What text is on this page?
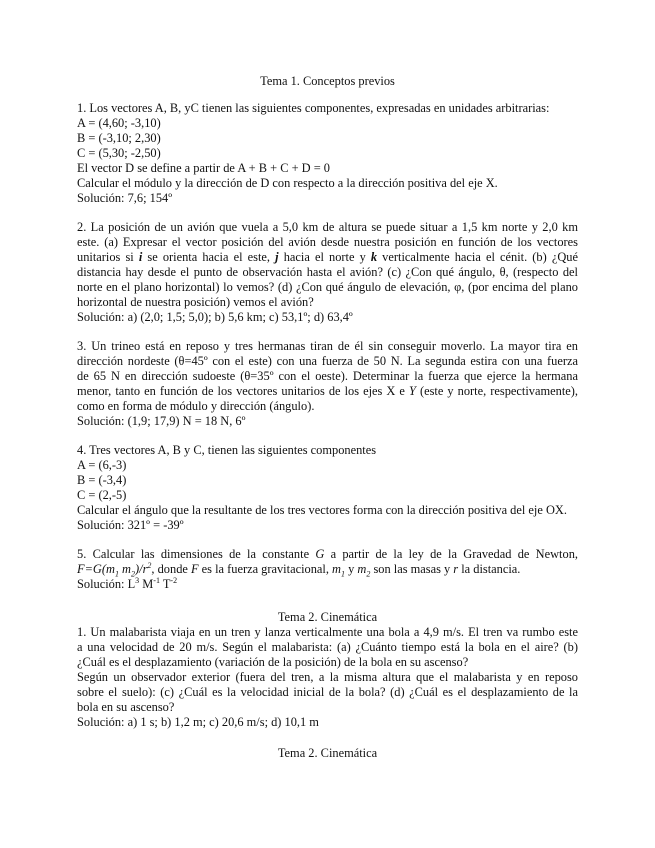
Tema 1. Conceptos previos
1. Los vectores A, B, yC tienen las siguientes componentes, expresadas en unidades arbitrarias:
A = (4,60; -3,10)
B = (-3,10; 2,30)
C = (5,30; -2,50)
El vector D se define a partir de A + B + C + D = 0
Calcular el módulo y la dirección de D con respecto a la dirección positiva del eje X.
Solución: 7,6; 154º
2. La posición de un avión que vuela a 5,0 km de altura se puede situar a 1,5 km norte y 2,0 km
este. (a) Expresar el vector posición del avión desde nuestra posición en función de los vectores
unitarios si i se orienta hacia el este, j hacia el norte y k verticalmente hacia el cénit. (b) ¿Qué
distancia hay desde el punto de observación hasta el avión? (c) ¿Con qué ángulo, θ, (respecto del
norte en el plano horizontal) lo vemos? (d) ¿Con qué ángulo de elevación, φ, (por encima del plano
horizontal de nuestra posición) vemos el avión?
Solución: a) (2,0; 1,5; 5,0); b) 5,6 km; c) 53,1º; d) 63,4º
3. Un trineo está en reposo y tres hermanas tiran de él sin conseguir moverlo. La mayor tira en
dirección nordeste (θ=45º con el este) con una fuerza de 50 N. La segunda estira con una fuerza
de 65 N en dirección sudoeste (θ=35º con el oeste). Determinar la fuerza que ejerce la hermana
menor, tanto en función de los vectores unitarios de los ejes X e Y (este y norte, respectivamente),
como en forma de módulo y dirección (ángulo).
Solución: (1,9; 17,9) N = 18 N, 6º
4. Tres vectores A, B y C, tienen las siguientes componentes
A = (6,-3)
B = (-3,4)
C = (2,-5)
Calcular el ángulo que la resultante de los tres vectores forma con la dirección positiva del eje OX.
Solución: 321º = -39º
5. Calcular las dimensiones de la constante G a partir de la ley de la Gravedad de Newton,
$F=G(m_1$ $m_2)/r^2$, donde F es la fuerza gravitacional, $m_1$ y $m_2$ son las masas y r la distancia.
Solución: $L^3$ $M^{-1}$ $T^{-2}$
Tema 2. Cinemática
1. Un malabarista viaja en un tren y lanza verticalmente una bola a 4,9 m/s. El tren va rumbo este
a una velocidad de 20 m/s. Según el malabarista: (a) ¿Cuánto tiempo está la bola en el aire? (b)
¿Cuál es el desplazamiento (variación de la posición) de la bola en su ascenso?
Según un observador exterior (fuera del tren, a la misma altura que el malabarista y en reposo
sobre el suelo): (c) ¿Cuál es la velocidad inicial de la bola? (d) ¿Cuál es el desplazamiento de la
bola en su ascenso?
Solución: a) 1 s; b) 1,2 m; c) 20,6 m/s; d) 10,1 m
Tema 2. Cinemática
